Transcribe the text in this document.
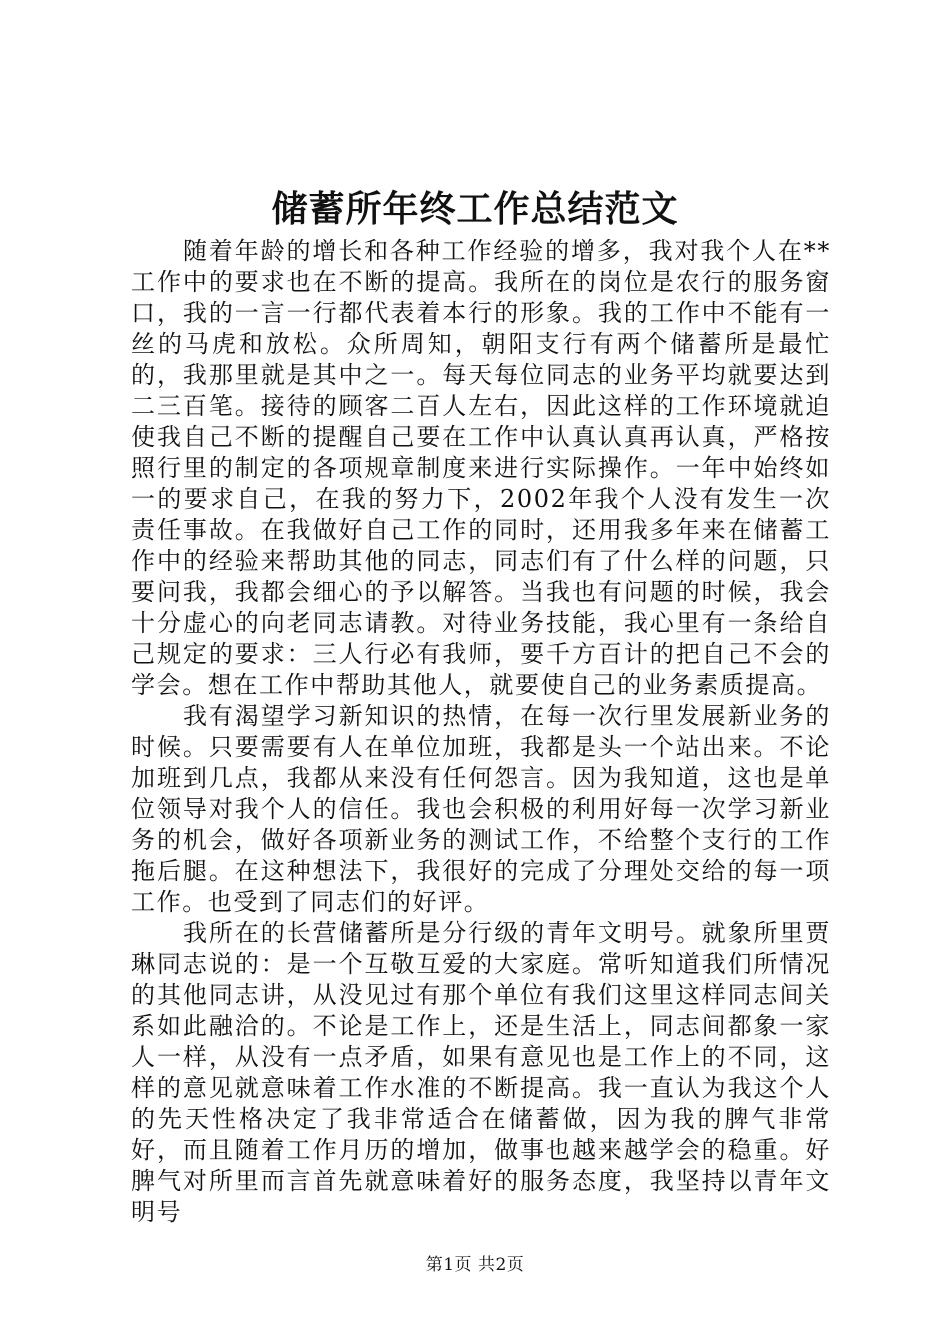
储蓄所年终工作总结范文

随着年龄的增长和各种工作经验的增多，我对我个人在**工作中的要求也在不断的提高。我所在的岗位是农行的服务窗口，我的一言一行都代表着本行的形象。我的工作中不能有一丝的马虎和放松。众所周知，朝阳支行有两个储蓄所是最忙的，我那里就是其中之一。每天每位同志的业务平均就要达到二三百笔。接待的顾客二百人左右，因此这样的工作环境就迫使我自己不断的提醒自己要在工作中认真认真再认真，严格按照行里的制定的各项规章制度来进行实际操作。一年中始终如一的要求自己，在我的努力下，2002年我个人没有发生一次责任事故。在我做好自己工作的同时，还用我多年来在储蓄工作中的经验来帮助其他的同志，同志们有了什么样的问题，只要问我，我都会细心的予以解答。当我也有问题的时候，我会十分虚心的向老同志请教。对待业务技能，我心里有一条给自己规定的要求：三人行必有我师，要千方百计的把自己不会的学会。想在工作中帮助其他人，就要使自己的业务素质提高。

我有渴望学习新知识的热情，在每一次行里发展新业务的时候。只要需要有人在单位加班，我都是头一个站出来。不论加班到几点，我都从来没有任何怨言。因为我知道，这也是单位领导对我个人的信任。我也会积极的利用好每一次学习新业务的机会，做好各项新业务的测试工作，不给整个支行的工作拖后腿。在这种想法下，我很好的完成了分理处交给的每一项工作。也受到了同志们的好评。

我所在的长营储蓄所是分行级的青年文明号。就象所里贾琳同志说的：是一个互敬互爱的大家庭。常听知道我们所情况的其他同志讲，从没见过有那个单位有我们这里这样同志间关系如此融洽的。不论是工作上，还是生活上，同志间都象一家人一样，从没有一点矛盾，如果有意见也是工作上的不同，这样的意见就意味着工作水准的不断提高。我一直认为我这个人的先天性格决定了我非常适合在储蓄做，因为我的脾气非常好，而且随着工作月历的增加，做事也越来越学会的稳重。好脾气对所里而言首先就意味着好的服务态度，我坚持以青年文明号

第1页 共2页
